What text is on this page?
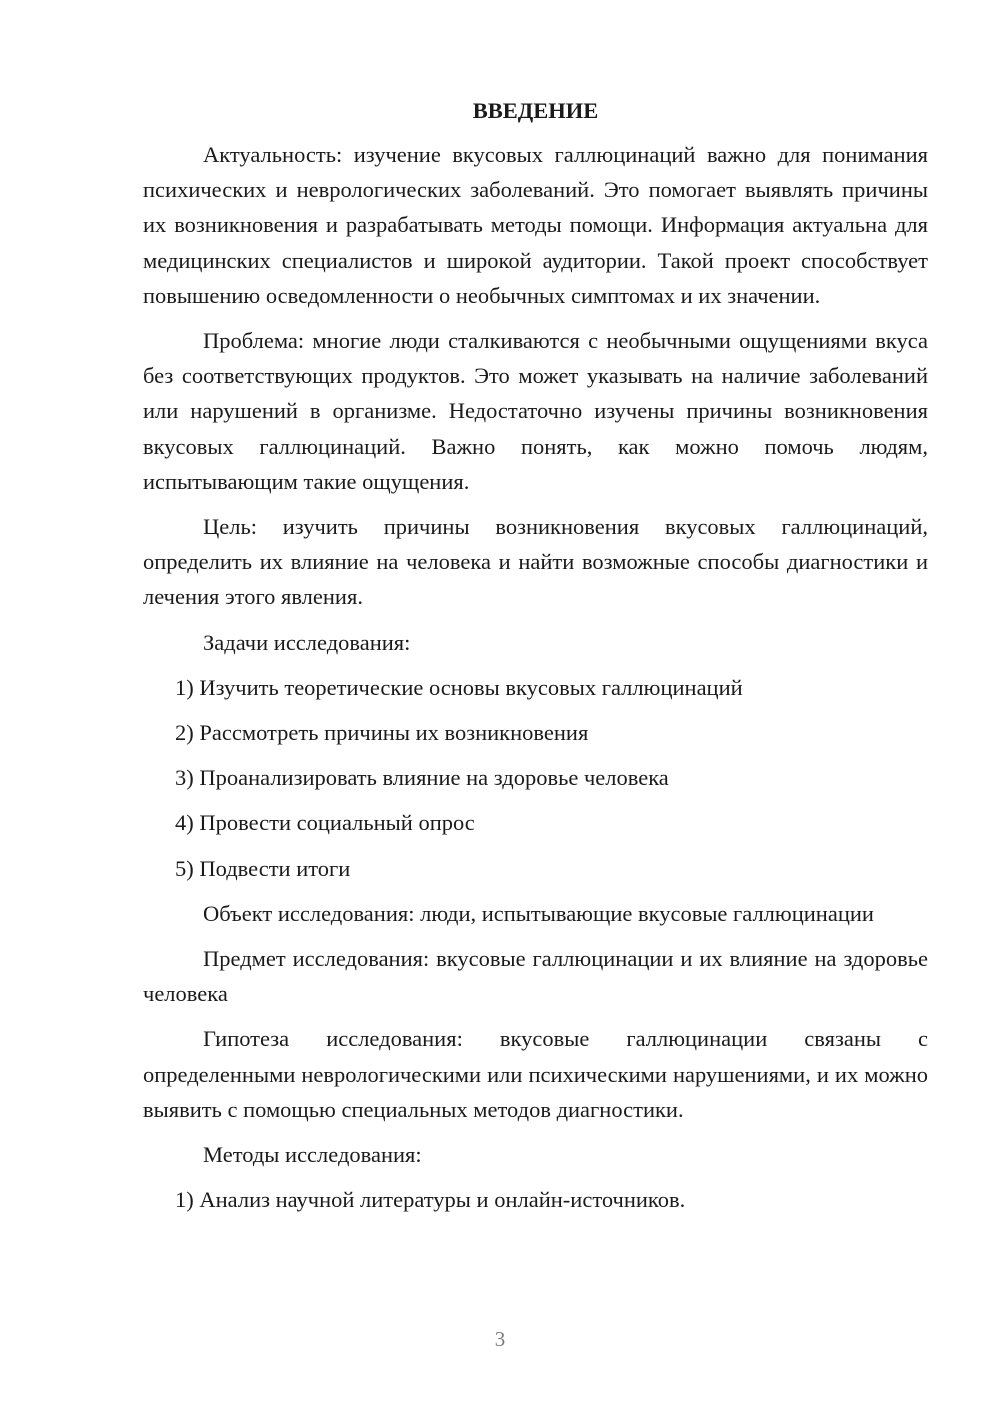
ВВЕДЕНИЕ

Актуальность: изучение вкусовых галлюцинаций важно для понимания психических и неврологических заболеваний. Это помогает выявлять причины их возникновения и разрабатывать методы помощи. Информация актуальна для медицинских специалистов и широкой аудитории. Такой проект способствует повышению осведомленности о необычных симптомах и их значении.

Проблема: многие люди сталкиваются с необычными ощущениями вкуса без соответствующих продуктов. Это может указывать на наличие заболеваний или нарушений в организме. Недостаточно изучены причины возникновения вкусовых галлюцинаций. Важно понять, как можно помочь людям, испытывающим такие ощущения.

Цель: изучить причины возникновения вкусовых галлюцинаций, определить их влияние на человека и найти возможные способы диагностики и лечения этого явления.

Задачи исследования:
1) Изучить теоретические основы вкусовых галлюцинаций
2) Рассмотреть причины их возникновения
3) Проанализировать влияние на здоровье человека
4) Провести социальный опрос
5) Подвести итоги

Объект исследования: люди, испытывающие вкусовые галлюцинации

Предмет исследования: вкусовые галлюцинации и их влияние на здоровье человека

Гипотеза исследования: вкусовые галлюцинации связаны с определенными неврологическими или психическими нарушениями, и их можно выявить с помощью специальных методов диагностики.

Методы исследования:
1) Анализ научной литературы и онлайн-источников.
3
